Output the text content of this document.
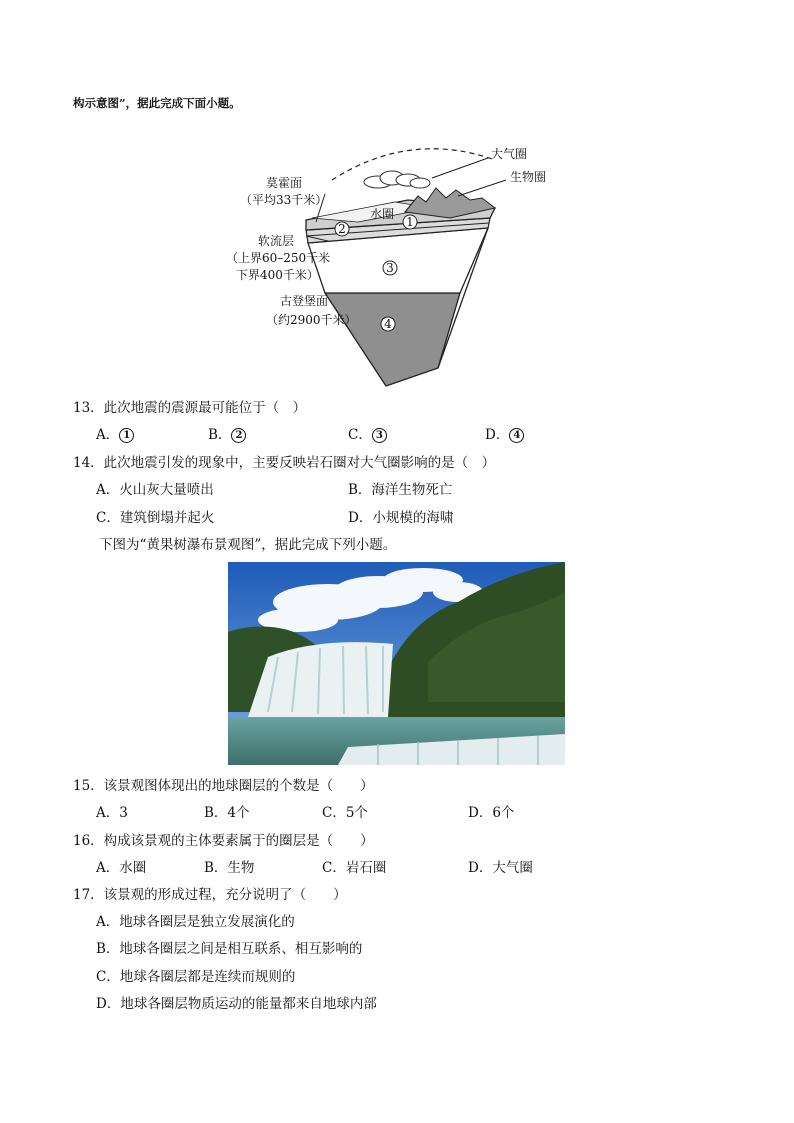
构示意图”，据此完成下面小题。
1
2
3
4
大气圈
生物圈
水圈
莫霍面
（平均33千米）
软流层
（上界60–250千米
下界400千米）
古登堡面
（约2900千米）
13．此次地震的震源最可能位于（　）
A． 1	B． 2	C． 3	D． 4
14．此次地震引发的现象中，主要反映岩石圈对大气圈影响的是（　）
A．火山灰大量喷出	B．海洋生物死亡
C．建筑倒塌并起火	D．小规模的海啸
下图为“黄果树瀑布景观图”，据此完成下列小题。
15．该景观图体现出的地球圈层的个数是（　　）
A．3	B．4个	C．5个	D．6个
16．构成该景观的主体要素属于的圈层是（　　）
A．水圈	B．生物	C．岩石圈	D．大气圈
17．该景观的形成过程，充分说明了（　　）
A．地球各圈层是独立发展演化的
B．地球各圈层之间是相互联系、相互影响的
C．地球各圈层都是连续而规则的
D．地球各圈层物质运动的能量都来自地球内部
